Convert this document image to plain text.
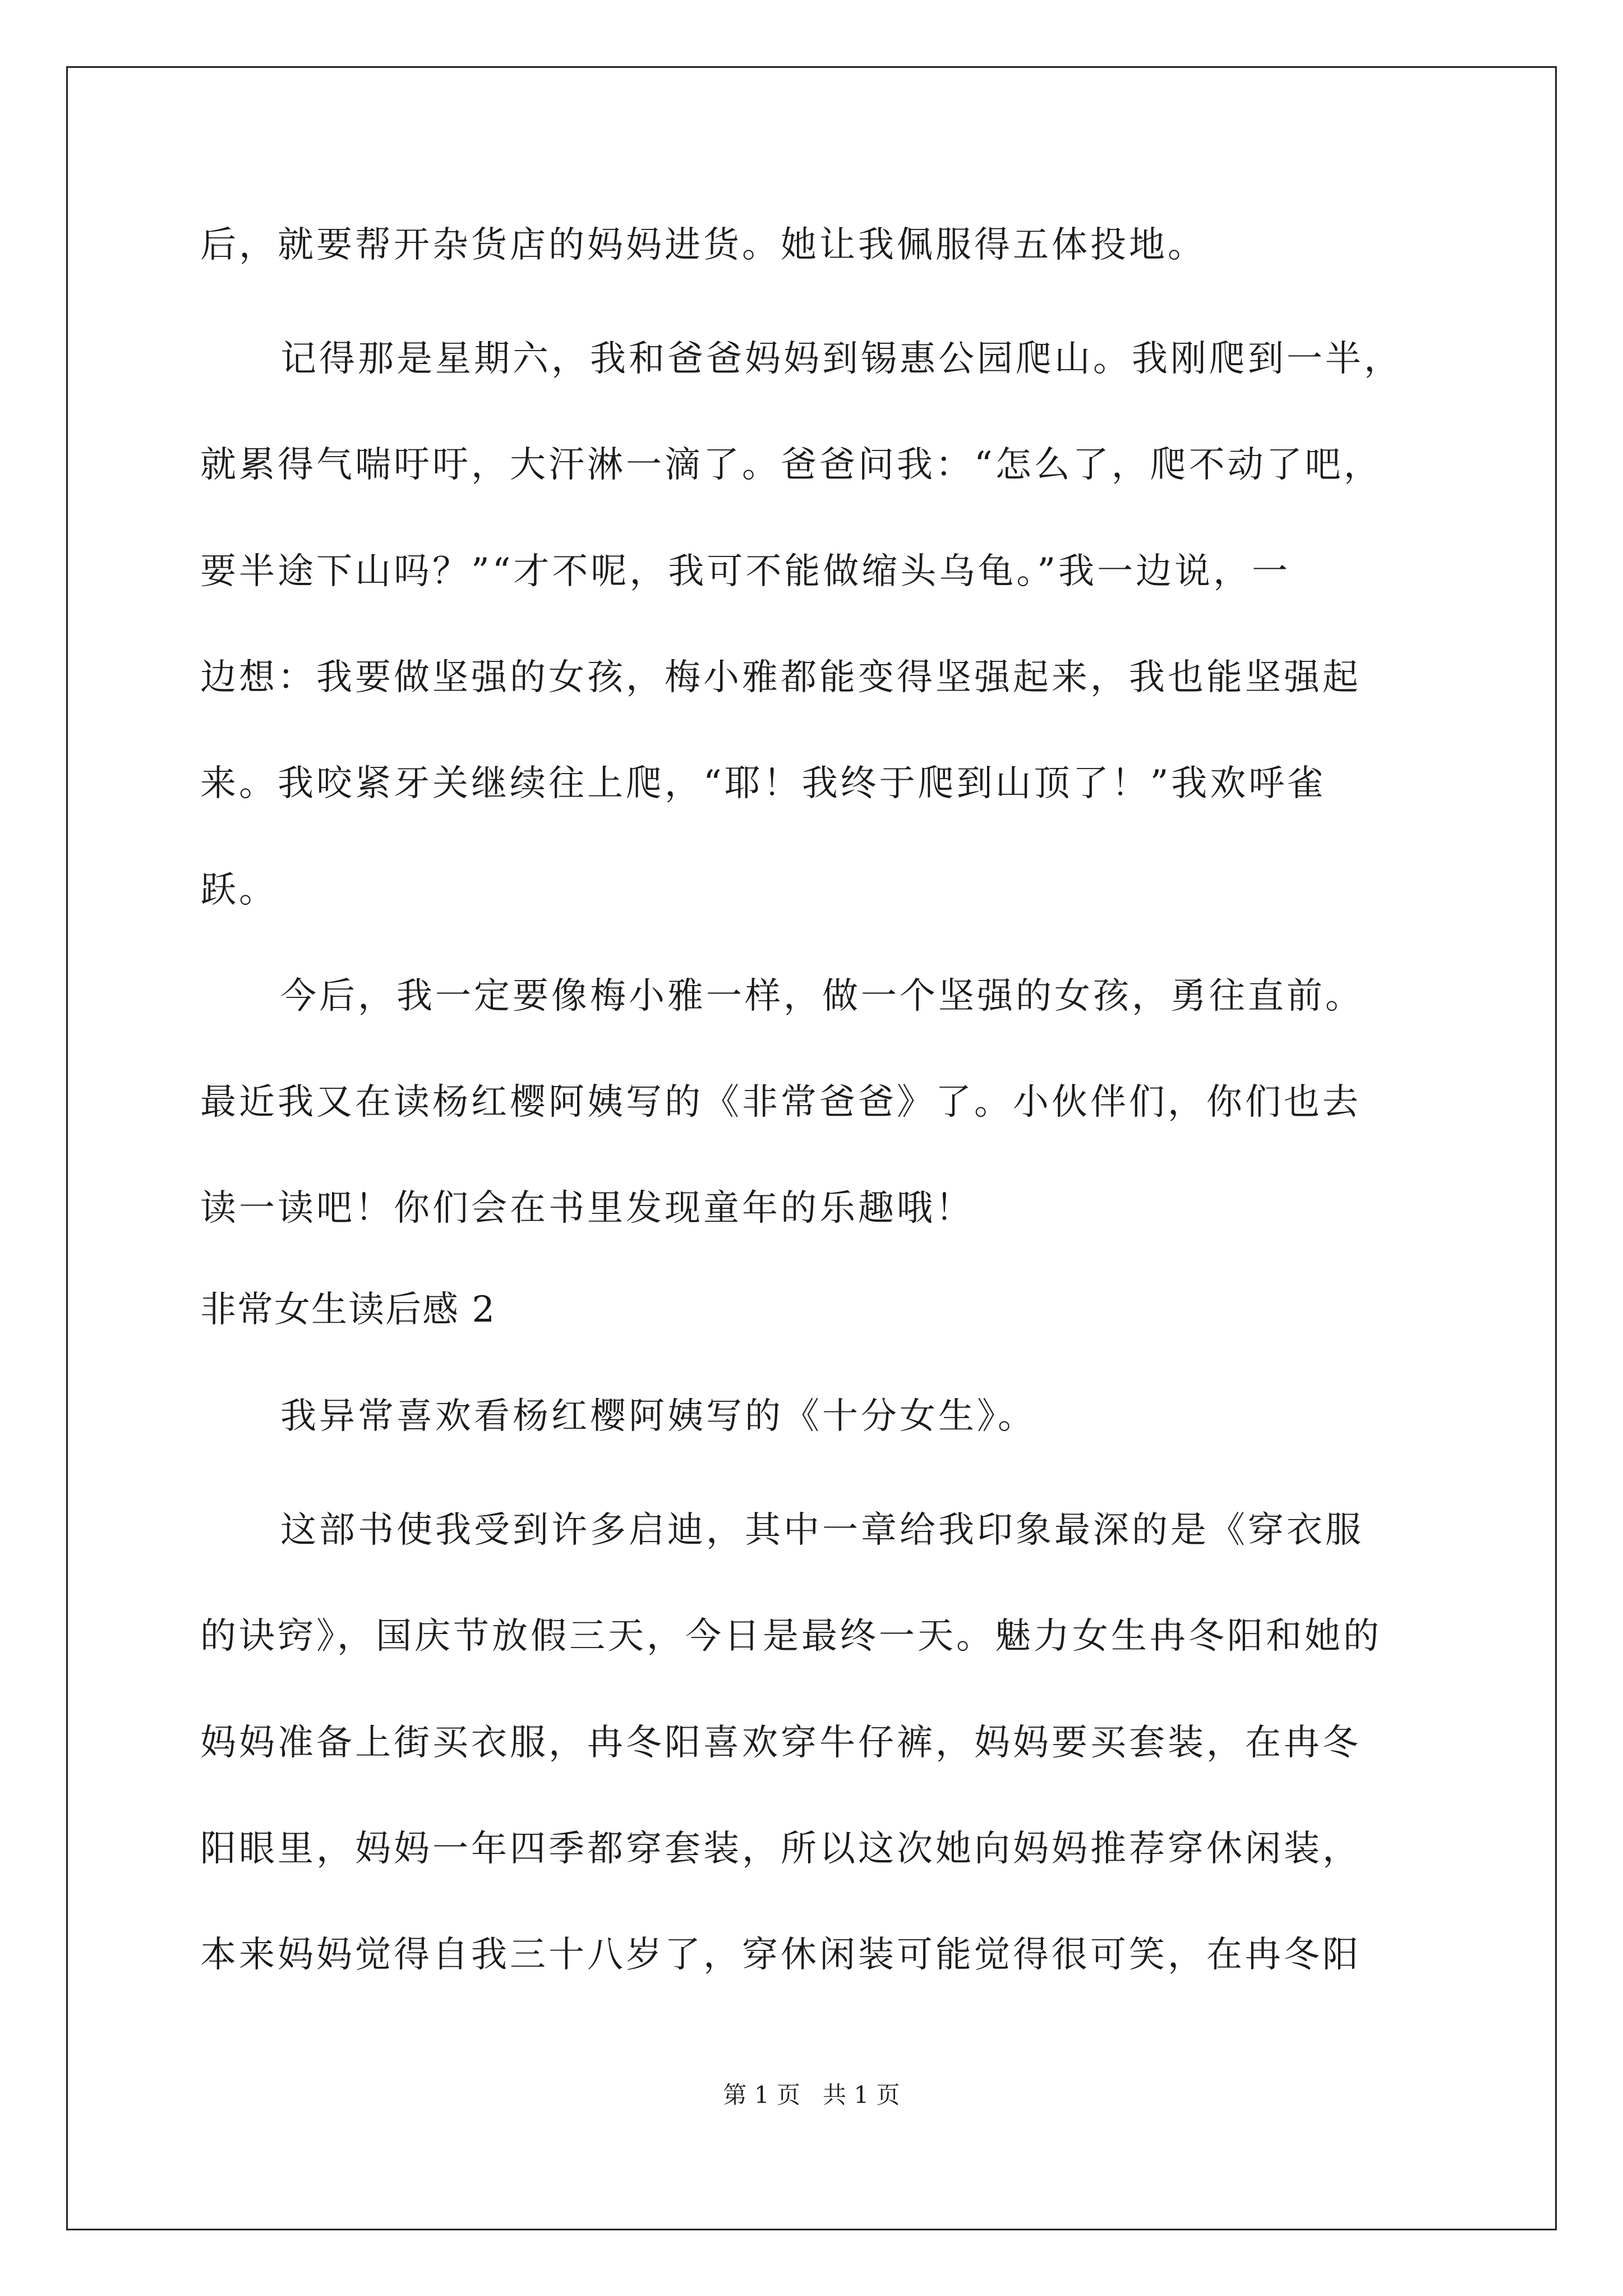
后，就要帮开杂货店的妈妈进货。她让我佩服得五体投地。
记得那是星期六，我和爸爸妈妈到锡惠公园爬山。我刚爬到一半，
就累得气喘吁吁，大汗淋一滴了。爸爸问我：“怎么了，爬不动了吧，
要半途下山吗？”“才不呢，我可不能做缩头乌龟。”我一边说，一
边想：我要做坚强的女孩，梅小雅都能变得坚强起来，我也能坚强起
来。我咬紧牙关继续往上爬，“耶！我终于爬到山顶了！”我欢呼雀
跃。
今后，我一定要像梅小雅一样，做一个坚强的女孩，勇往直前。
最近我又在读杨红樱阿姨写的《非常爸爸》了。小伙伴们，你们也去
读一读吧！你们会在书里发现童年的乐趣哦！
非常女生读后感 2
我异常喜欢看杨红樱阿姨写的《十分女生》。
这部书使我受到许多启迪，其中一章给我印象最深的是《穿衣服
的诀窍》，国庆节放假三天，今日是最终一天。魅力女生冉冬阳和她的
妈妈准备上街买衣服，冉冬阳喜欢穿牛仔裤，妈妈要买套装，在冉冬
阳眼里，妈妈一年四季都穿套装，所以这次她向妈妈推荐穿休闲装，
本来妈妈觉得自我三十八岁了，穿休闲装可能觉得很可笑，在冉冬阳
第 1 页   共 1 页
